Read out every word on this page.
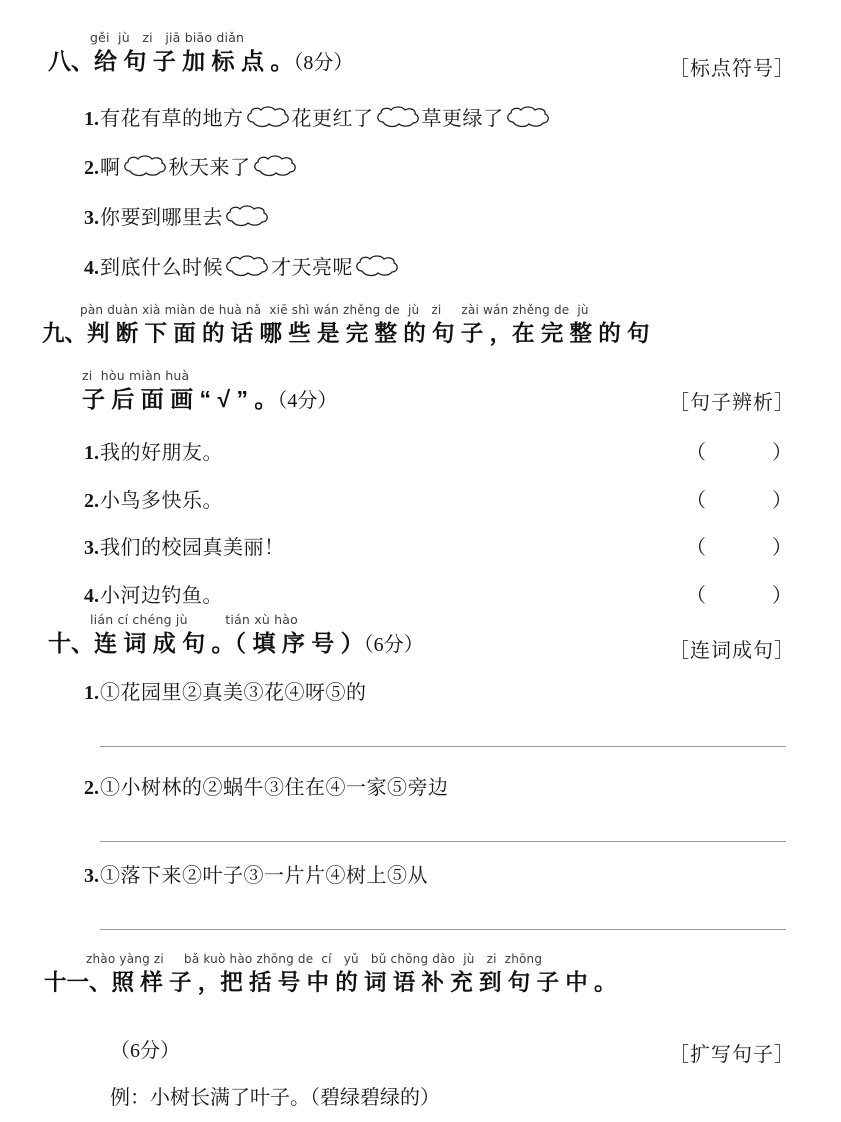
gěi  jù   zi   jiā biāo diǎn
八、给 句 子 加 标 点 。（8分）	［标点符号］
1.有花有草的地方 花更红了 草更绿了
2.啊 秋天来了
3.你要到哪里去
4.到底什么时候 才天亮呢
pàn duàn xià miàn de huà nǎ  xiē shì wán zhěng de  jù   zi     zài wán zhěng de  jù
九、判 断 下 面 的 话 哪 些 是 完 整 的 句 子 ，在 完 整 的 句
zi  hòu miàn huà
子 后 面 画 “ √ ” 。（4分）	［句子辨析］
1.我的好朋友。	（	）
2.小鸟多快乐。	（	）
3.我们的校园真美丽！	（	）
4.小河边钓鱼。	（	）
lián cí chéng jù         tián xù hào
十、连 词 成 句 。（ 填 序 号 ）（6分）	［连词成句］
1.①花园里②真美③花④呀⑤的
2.①小树林的②蜗牛③住在④一家⑤旁边
3.①落下来②叶子③一片片④树上⑤从
zhào yàng zi     bǎ kuò hào zhōng de  cí   yǔ   bǔ chōng dào  jù   zi  zhōng
十一、照 样 子 ，把 括 号 中 的 词 语 补 充 到 句 子 中 。
（6分）	［扩写句子］
例：小树长满了叶子。（碧绿碧绿的）
